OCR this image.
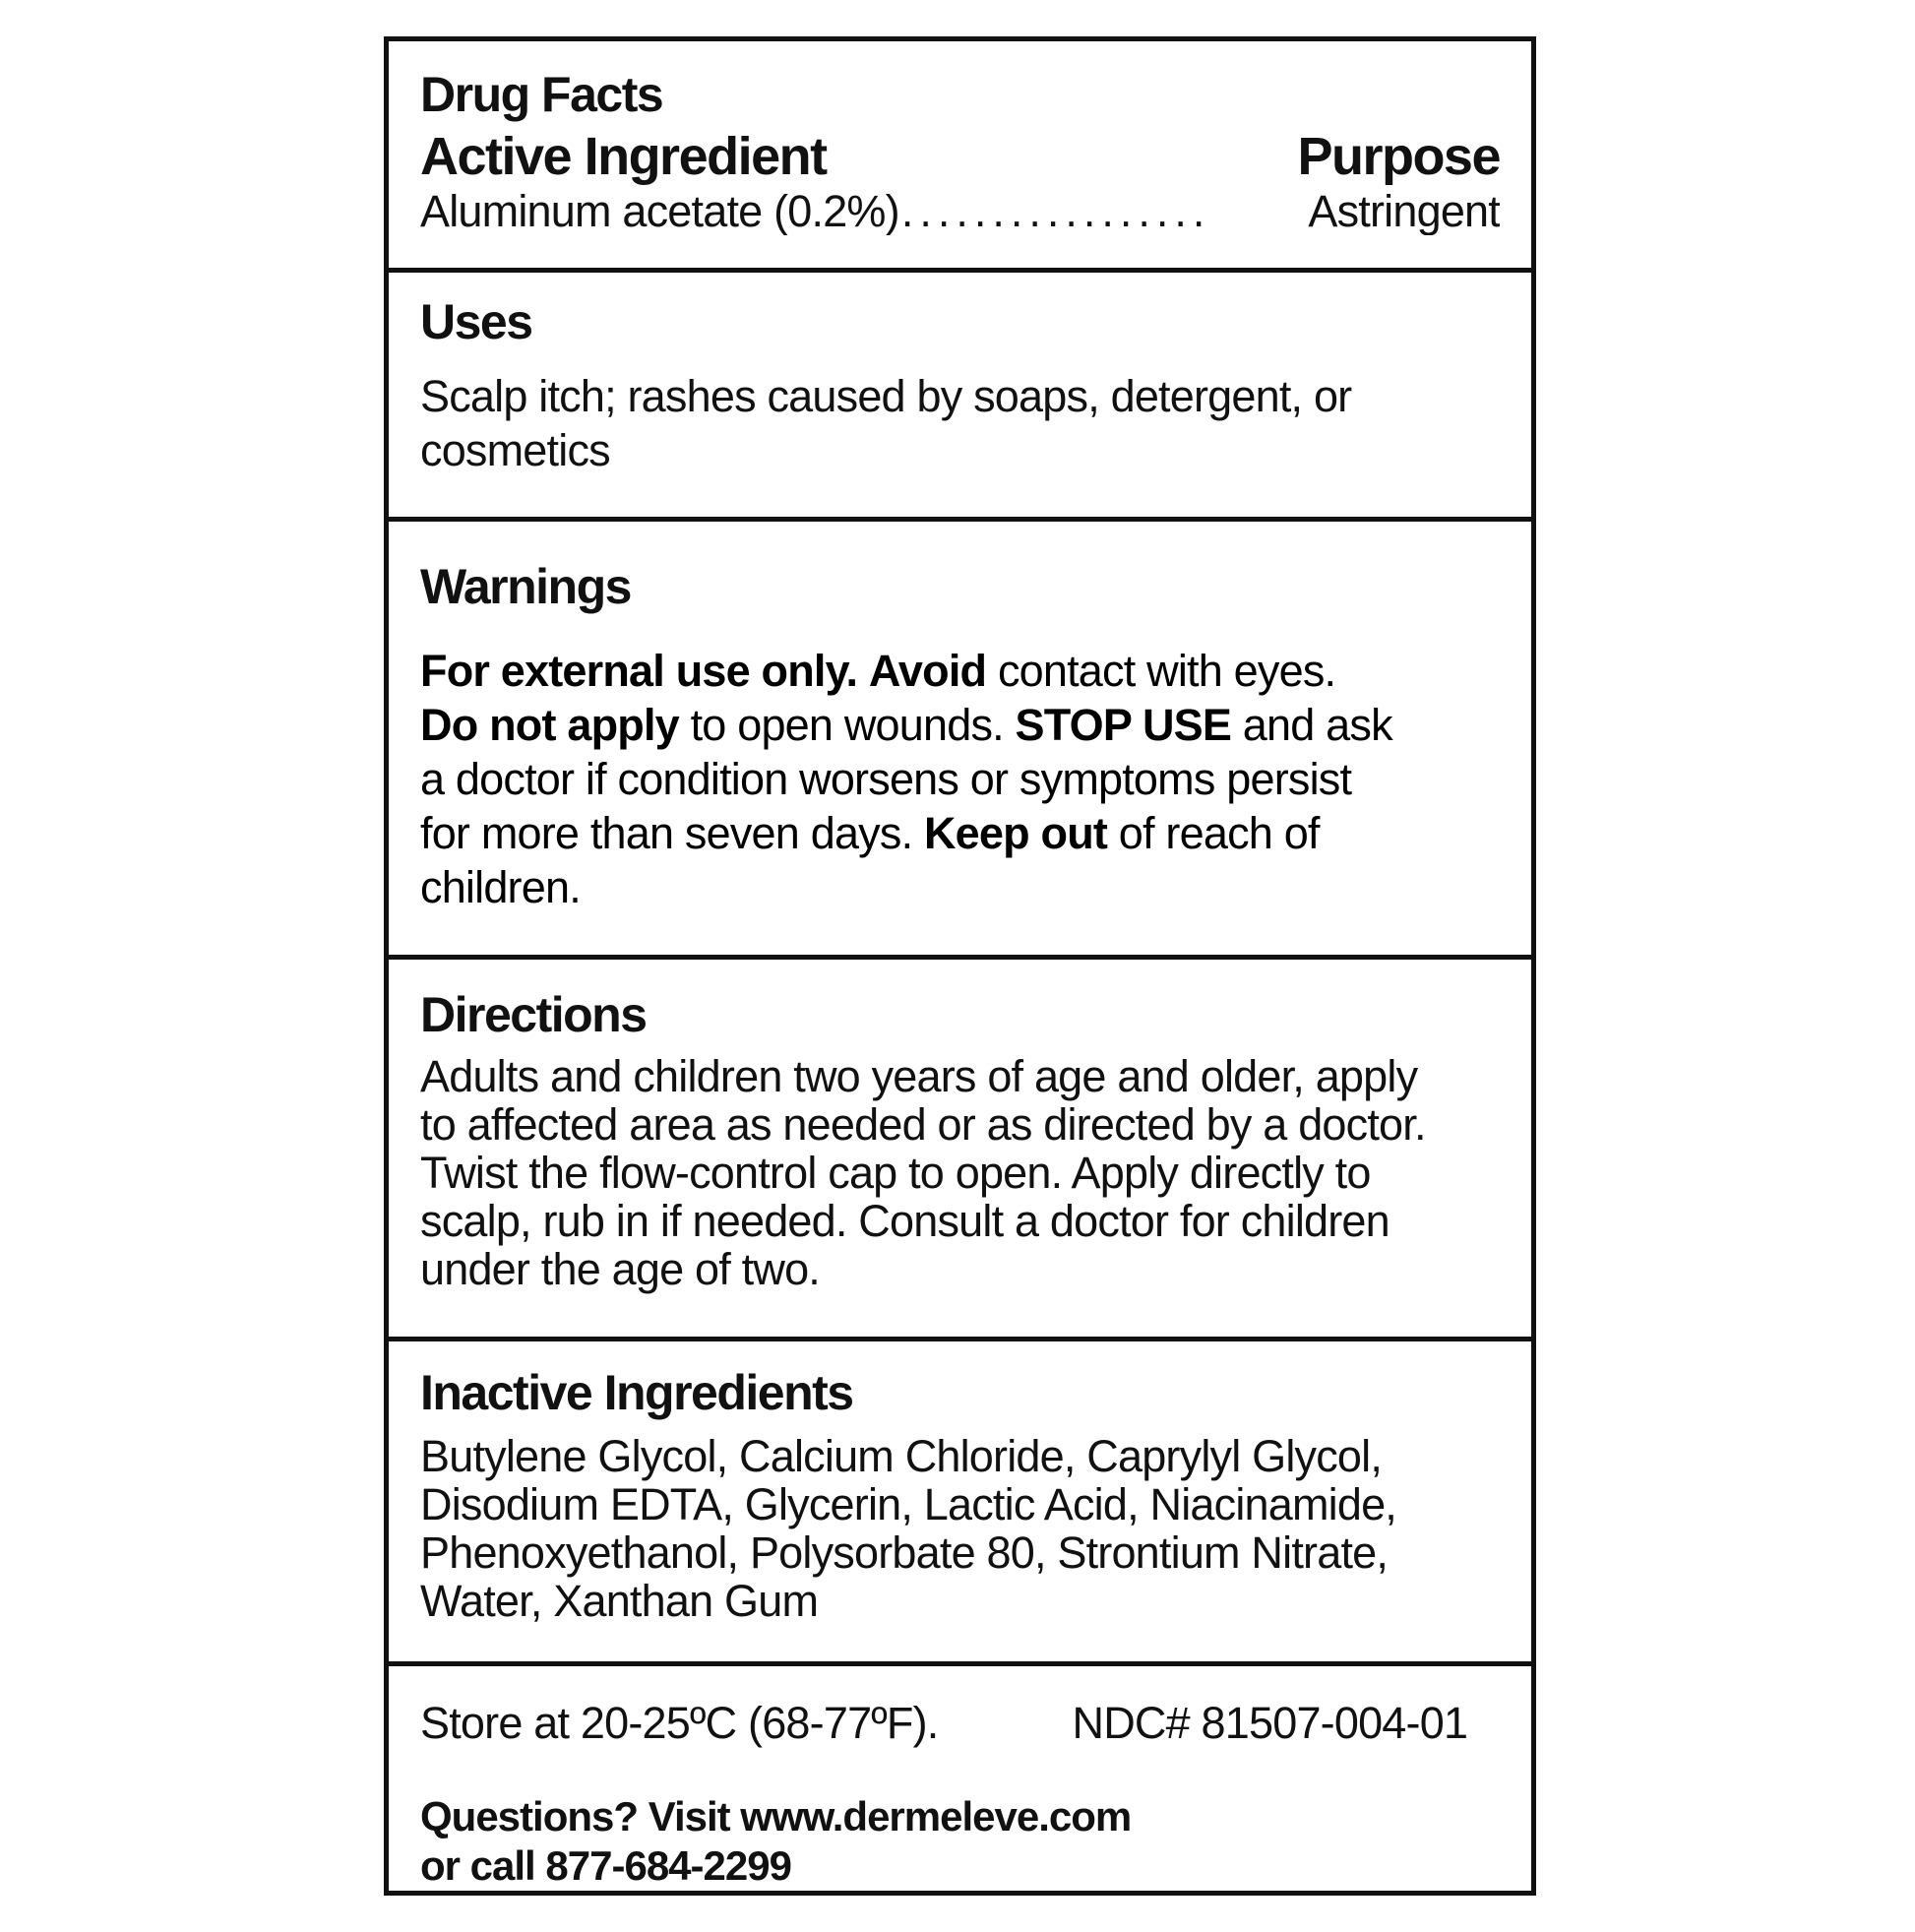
Drug Facts
Active Ingredient	Purpose
Aluminum acetate (0.2%) .................	Astringent
Uses

Scalp itch; rashes caused by soaps, detergent, or cosmetics

Warnings

For external use only. Avoid contact with eyes. Do not apply to open wounds. STOP USE and ask a doctor if condition worsens or symptoms persist for more than seven days. Keep out of reach of children.

Directions

Adults and children two years of age and older, apply to affected area as needed or as directed by a doctor. Twist the flow-control cap to open. Apply directly to scalp, rub in if needed. Consult a doctor for children under the age of two.

Inactive Ingredients

Butylene Glycol, Calcium Chloride, Caprylyl Glycol, Disodium EDTA, Glycerin, Lactic Acid, Niacinamide, Phenoxyethanol, Polysorbate 80, Strontium Nitrate, Water, Xanthan Gum

Store at 20-25ºC (68-77ºF).	NDC# 81507-004-01
Questions? Visit www.dermeleve.com
or call 877-684-2299
